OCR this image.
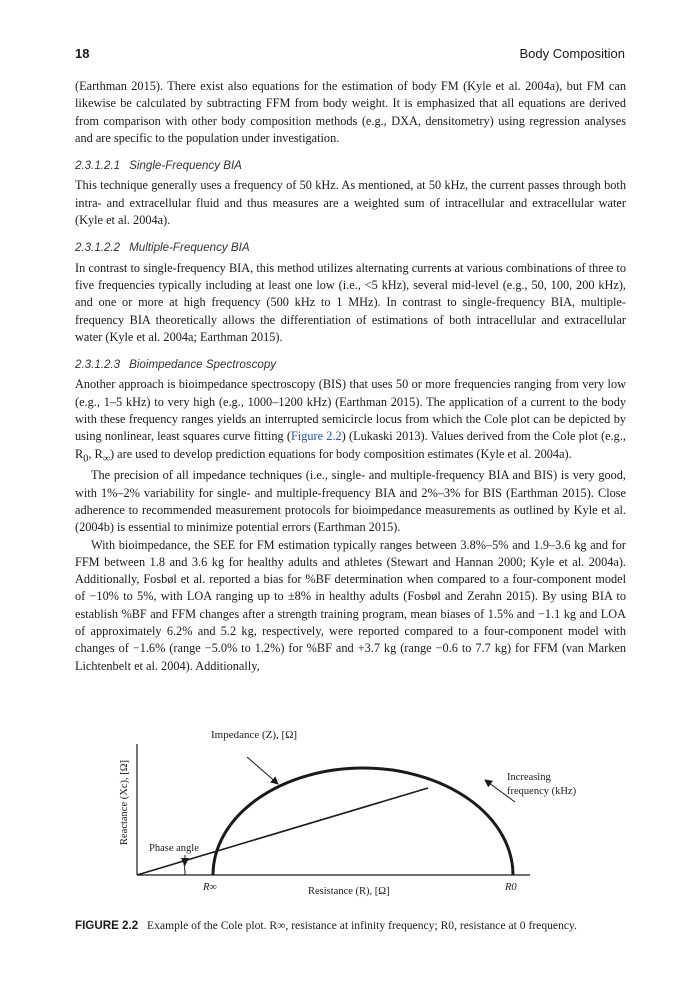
18	Body Composition

(Earthman 2015). There exist also equations for the estimation of body FM (Kyle et al. 2004a), but FM can likewise be calculated by subtracting FFM from body weight. It is emphasized that all equations are derived from comparison with other body composition methods (e.g., DXA, densitometry) using regression analyses and are specific to the population under investigation.

2.3.1.2.1 Single-Frequency BIA

This technique generally uses a frequency of 50 kHz. As mentioned, at 50 kHz, the current passes through both intra- and extracellular fluid and thus measures are a weighted sum of intracellular and extracellular water (Kyle et al. 2004a).

2.3.1.2.2 Multiple-Frequency BIA

In contrast to single-frequency BIA, this method utilizes alternating currents at various combinations of three to five frequencies typically including at least one low (i.e., <5 kHz), several mid-level (e.g., 50, 100, 200 kHz), and one or more at high frequency (500 kHz to 1 MHz). In contrast to single-frequency BIA, multiple-frequency BIA theoretically allows the differentiation of estimations of both intracellular and extracellular water (Kyle et al. 2004a; Earthman 2015).

2.3.1.2.3 Bioimpedance Spectroscopy

Another approach is bioimpedance spectroscopy (BIS) that uses 50 or more frequencies ranging from very low (e.g., 1–5 kHz) to very high (e.g., 1000–1200 kHz) (Earthman 2015). The application of a current to the body with these frequency ranges yields an interrupted semicircle locus from which the Cole plot can be depicted by using nonlinear, least squares curve fitting (Figure 2.2) (Lukaski 2013). Values derived from the Cole plot (e.g., $R_0$, $R_\infty$) are used to develop prediction equations for body composition estimates (Kyle et al. 2004a).

The precision of all impedance techniques (i.e., single- and multiple-frequency BIA and BIS) is very good, with 1%–2% variability for single- and multiple-frequency BIA and 2%–3% for BIS (Earthman 2015). Close adherence to recommended measurement protocols for bioimpedance measurements as outlined by Kyle et al. (2004b) is essential to minimize potential errors (Earthman 2015).

With bioimpedance, the SEE for FM estimation typically ranges between 3.8%–5% and 1.9–3.6 kg and for FFM between 1.8 and 3.6 kg for healthy adults and athletes (Stewart and Hannan 2000; Kyle et al. 2004a). Additionally, Fosbøl et al. reported a bias for %BF determination when compared to a four-component model of −10% to 5%, with LOA ranging up to ±8% in healthy adults (Fosbøl and Zerahn 2015). By using BIA to establish %BF and FFM changes after a strength training program, mean biases of 1.5% and −1.1 kg and LOA of approximately 6.2% and 5.2 kg, respectively, were reported compared to a four-component model with changes of −1.6% (range −5.0% to 1.2%) for %BF and +3.7 kg (range −0.6 to 7.7 kg) for FFM (van Marken Lichtenbelt et al. 2004). Additionally,

Impedance (Z), [Ω]
Increasing
frequency (kHz)
Phase angle
Resistance (R), [Ω]
R∞	R0
Reactance (Xc), [Ω]
FIGURE 2.2 Example of the Cole plot. R∞, resistance at infinity frequency; R0, resistance at 0 frequency.
